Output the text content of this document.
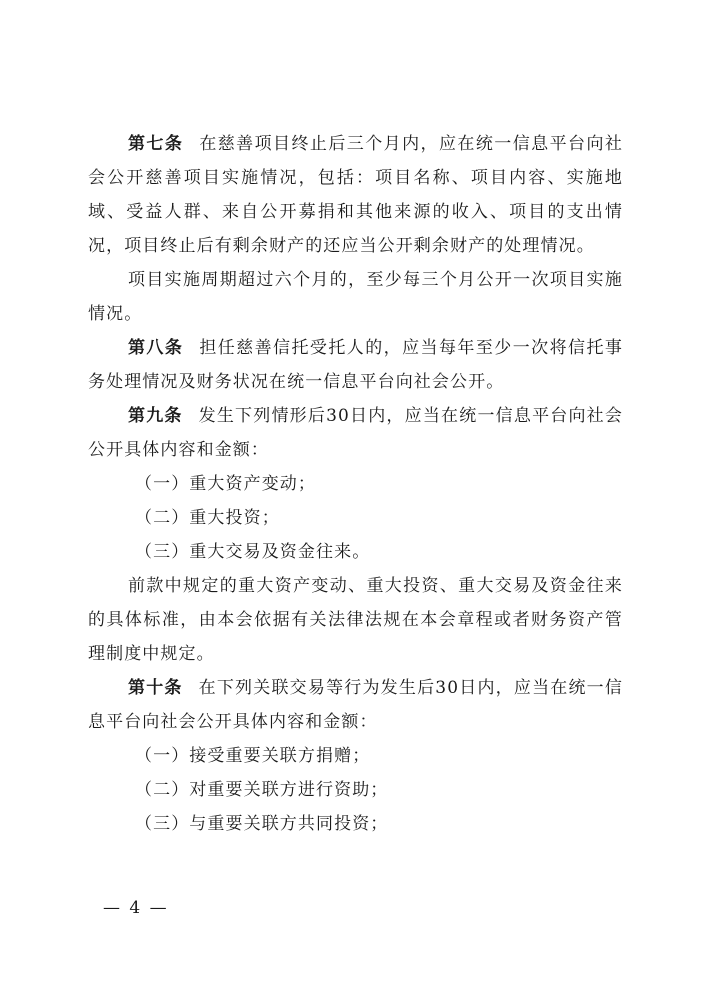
第七条 在慈善项目终止后三个月内，应在统一信息平台向社会公开慈善项目实施情况，包括：项目名称、项目内容、实施地域、受益人群、来自公开募捐和其他来源的收入、项目的支出情况，项目终止后有剩余财产的还应当公开剩余财产的处理情况。

项目实施周期超过六个月的，至少每三个月公开一次项目实施情况。

第八条 担任慈善信托受托人的，应当每年至少一次将信托事务处理情况及财务状况在统一信息平台向社会公开。

第九条 发生下列情形后30日内，应当在统一信息平台向社会公开具体内容和金额：

（一）重大资产变动；

（二）重大投资；

（三）重大交易及资金往来。

前款中规定的重大资产变动、重大投资、重大交易及资金往来的具体标准，由本会依据有关法律法规在本会章程或者财务资产管理制度中规定。

第十条 在下列关联交易等行为发生后30日内，应当在统一信息平台向社会公开具体内容和金额：

（一）接受重要关联方捐赠；

（二）对重要关联方进行资助；

（三）与重要关联方共同投资；

— 4 —
